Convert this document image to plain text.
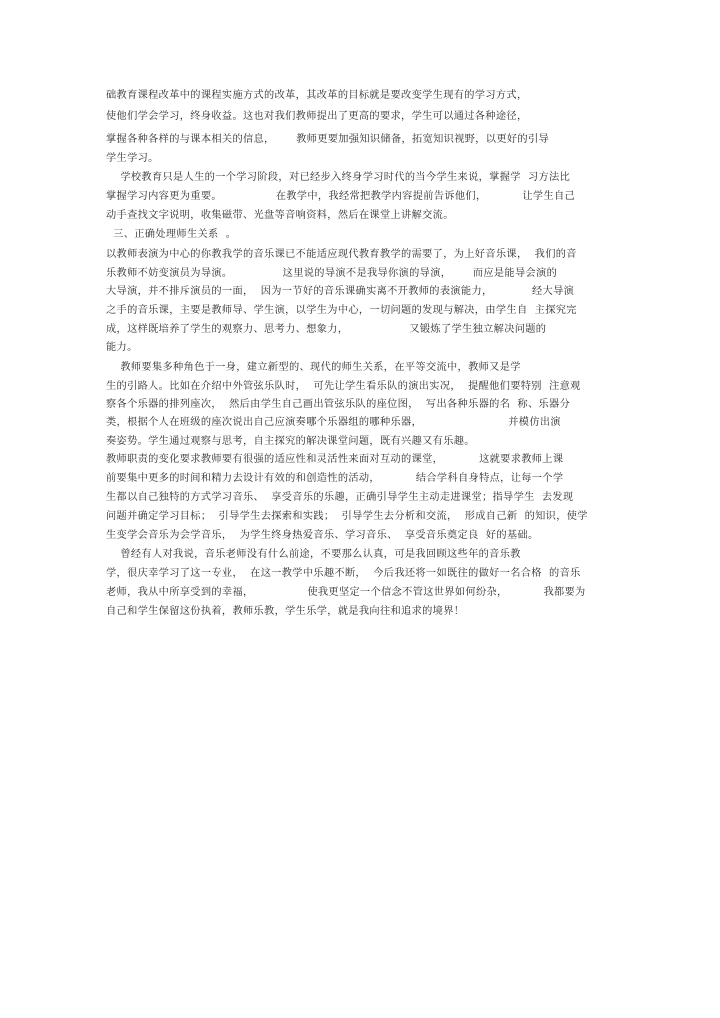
础教育课程改革中的课程实施方式的改革，其改革的目标就是要改变学生现有的学习方式，
使他们学会学习，终身收益。这也对我们教师提出了更高的要求，学生可以通过各种途径，
掌握各种各样的与课本相关的信息，      教师更要加强知识储备，拓宽知识视野，以更好的引导
学生学习。
学校教育只是人生的一个学习阶段，对已经步入终身学习时代的当今学生来说，掌握学  习方法比
掌握学习内容更为重要。               在教学中，我经常把教学内容提前告诉他们，          让学生自己
动手查找文字说明，收集磁带、光盘等音响资料，然后在课堂上讲解交流。
三、正确处理师生关系  。
以教师表演为中心的你教我学的音乐课已不能适应现代教育教学的需要了，为上好音乐课，  我们的音
乐教师不妨变演员为导演。              这里说的导演不是我导你演的导演，      而应是能导会演的
大导演，并不排斥演员的一面，  因为一节好的音乐课确实离不开教师的表演能力，           经大导演
之手的音乐课，主要是教师导、学生演，以学生为中心，一切问题的发现与解决，由学生自  主探究完
成，这样既培养了学生的观察力、思考力、想象力，                 又锻炼了学生独立解决问题的
能力。
教师要集多种角色于一身，建立新型的、现代的师生关系，在平等交流中，教师又是学
生的引路人。比如在介绍中外管弦乐队时，  可先让学生看乐队的演出实况，  提醒他们要特别  注意观
察各个乐器的排列座次，  然后由学生自己画出管弦乐队的座位图，  写出各种乐器的名  称、乐器分
类，根据个人在班级的座次说出自己应演奏哪个乐器组的哪种乐器，                        并模仿出演
奏姿势。学生通过观察与思考，自主探究的解决课堂问题，既有兴趣又有乐趣。
教师职责的变化要求教师要有很强的适应性和灵活性来面对互动的课堂，          这就要求教师上课
前要集中更多的时间和精力去设计有效的和创造性的活动，          结合学科自身特点，让每一个学
生都以自己独特的方式学习音乐、  享受音乐的乐趣，正确引导学生主动走进课堂；指导学生  去发现
问题并确定学习目标；  引导学生去探索和实践；  引导学生去分析和交流，  形成自己新  的知识，使学
生变学会音乐为会学音乐，  为学生终身热爱音乐、学习音乐、  享受音乐奠定良  好的基础。
曾经有人对我说，音乐老师没有什么前途，不要那么认真，可是我回顾这些年的音乐教
学，很庆幸学习了这一专业，  在这一教学中乐趣不断，  今后我还将一如既往的做好一名合格  的音乐
老师，我从中所享受到的幸福，               使我更坚定一个信念不管这世界如何纷杂，          我都要为
自己和学生保留这份执着，教师乐教，学生乐学，就是我向往和追求的境界！
